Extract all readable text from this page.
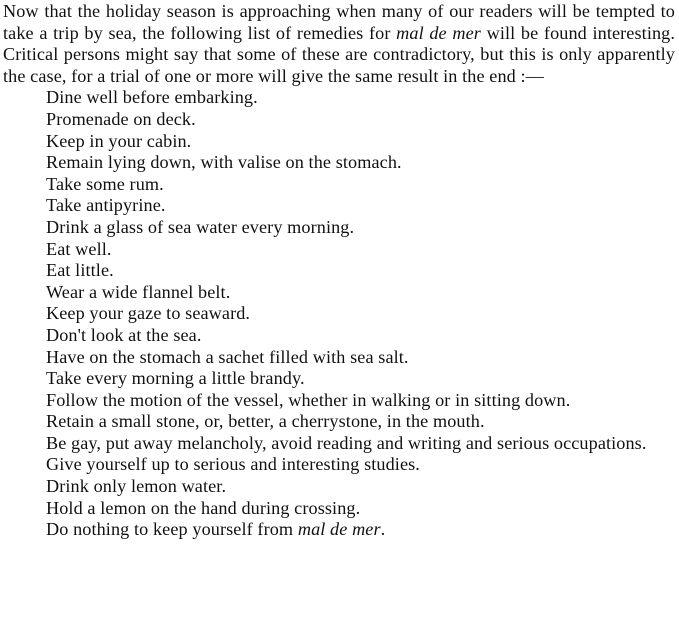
Now that the holiday season is approaching when many of our readers will be tempted to take a trip by sea, the following list of remedies for mal de mer will be found interesting. Critical persons might say that some of these are contradictory, but this is only apparently the case, for a trial of one or more will give the same result in the end :—

Dine well before embarking.
Promenade on deck.
Keep in your cabin.
Remain lying down, with valise on the stomach.
Take some rum.
Take antipyrine.
Drink a glass of sea water every morning.
Eat well.
Eat little.
Wear a wide flannel belt.
Keep your gaze to seaward.
Don't look at the sea.
Have on the stomach a sachet filled with sea salt.
Take every morning a little brandy.
Follow the motion of the vessel, whether in walking or in sitting down.
Retain a small stone, or, better, a cherrystone, in the mouth.
Be gay, put away melancholy, avoid reading and writing and serious occupations.
Give yourself up to serious and interesting studies.
Drink only lemon water.
Hold a lemon on the hand during crossing.
Do nothing to keep yourself from mal de mer.
